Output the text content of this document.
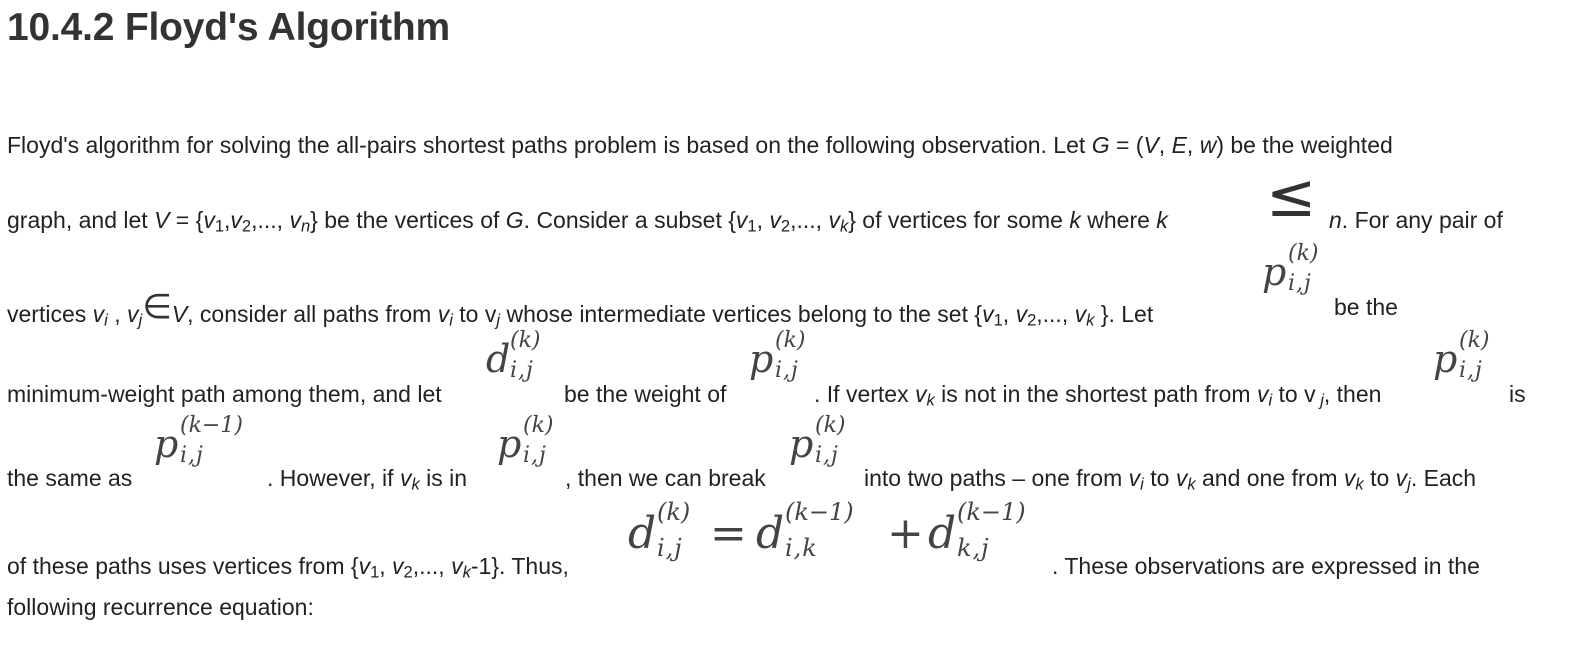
10.4.2 Floyd's Algorithm
Floyd's algorithm for solving the all-pairs shortest paths problem is based on the following observation. Let G = (V, E, w) be the weighted
graph, and let $V = \{v_1,v_2$,..., $v_n$} be the vertices of G. Consider a subset {$v_1$, $v_2$,..., $v_k$} of vertices for some k where k ≤ n. For any pair of
vertices $v_i$ , $v_j\in V$, consider all paths from $v_i$ to $v_j$ whose intermediate vertices belong to the set {$v_1$, $v_2$,..., $v_k$ }. Let
p (k)
i,j
be the
minimum-weight path among them, and let
d (k)
i,j
be the weight of
p (k)
i,j
. If vertex $v_k$ is not in the shortest path from $v_i$ to v $_j$, then
p (k)
i,j
is
the same as
p (k−1)
i,j
. However, if $v_k$ is in
p (k)
i,j
, then we can break
p (k)
i,j
into two paths – one from $v_i$ to $v_k$ and one from $v_k$ to $v_j$. Each
of these paths uses vertices from {$v_1$, $v_2$,..., $v_k-1$}. Thus,
d (k)
i,j = d (k−1)
i,k + d (k−1)
k,j
. These observations are expressed in the
following recurrence equation:
